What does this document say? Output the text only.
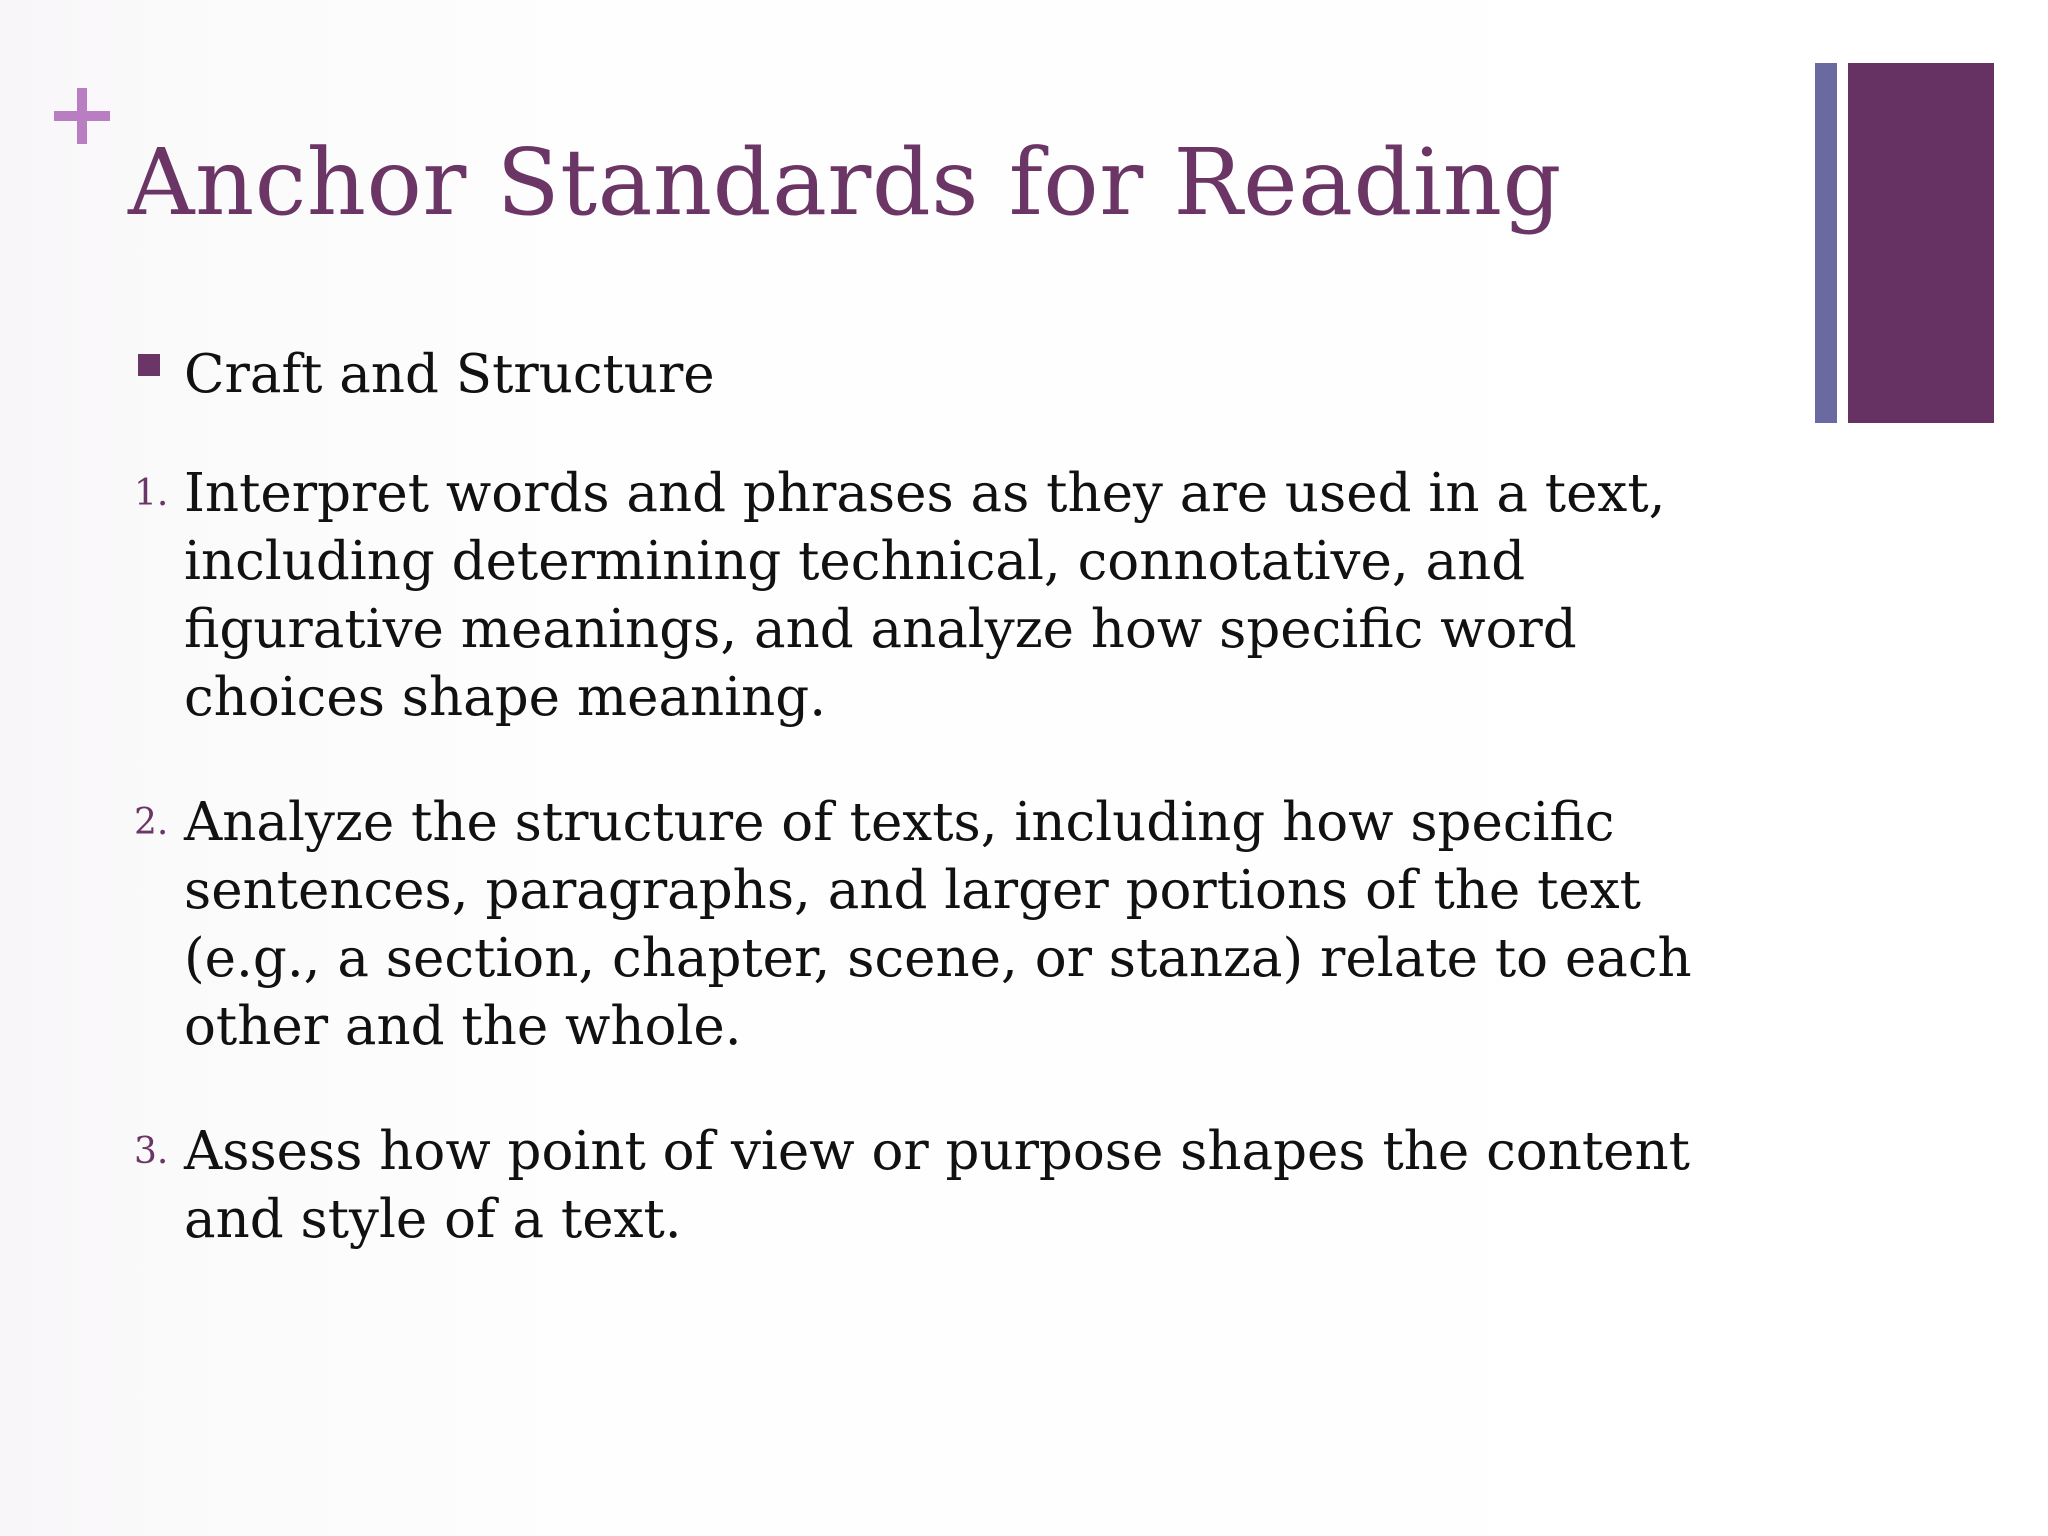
Anchor Standards for Reading
Craft and Structure
1. Interpret words and phrases as they are used in a text, including determining technical, connotative, and figurative meanings, and analyze how specific word choices shape meaning.
2. Analyze the structure of texts, including how specific sentences, paragraphs, and larger portions of the text (e.g., a section, chapter, scene, or stanza) relate to each other and the whole.
3. Assess how point of view or purpose shapes the content and style of a text.
